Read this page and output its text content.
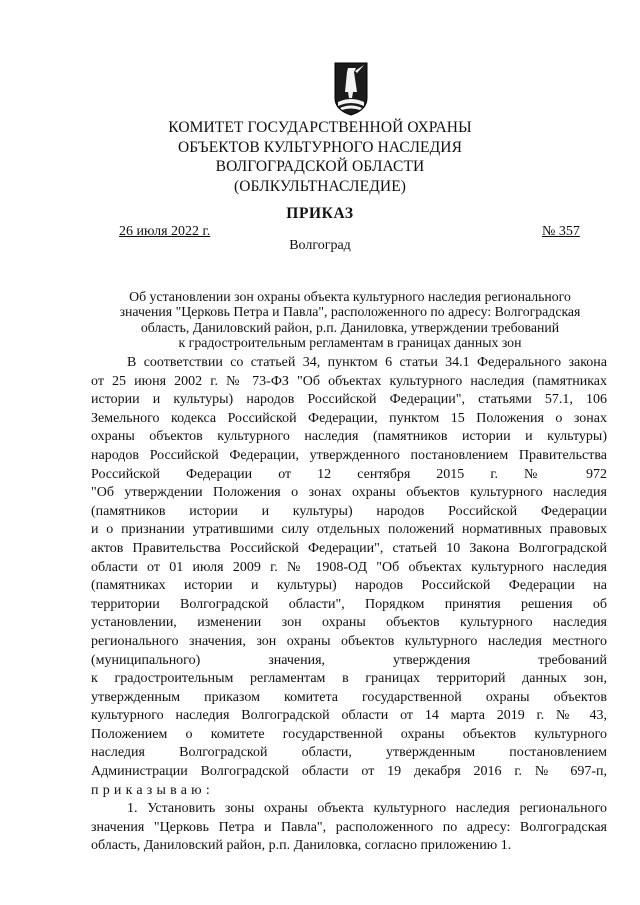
КОМИТЕТ ГОСУДАРСТВЕННОЙ ОХРАНЫ
ОБЪЕКТОВ КУЛЬТУРНОГО НАСЛЕДИЯ
ВОЛГОГРАДСКОЙ ОБЛАСТИ
(ОБЛКУЛЬТНАСЛЕДИЕ)
ПРИКАЗ
26 июля 2022 г.	№ 357
Волгоград
Об установлении зон охраны объекта культурного наследия регионального
значения "Церковь Петра и Павла", расположенного по адресу: Волгоградская
область, Даниловский район, р.п. Даниловка, утверждении требований
к градостроительным регламентам в границах данных зон
В соответствии со статьей 34, пунктом 6 статьи 34.1 Федерального закона
от 25 июня 2002 г. № 73-ФЗ "Об объектах культурного наследия (памятниках
истории и культуры) народов Российской Федерации", статьями 57.1, 106
Земельного кодекса Российской Федерации, пунктом 15 Положения о зонах
охраны объектов культурного наследия (памятников истории и культуры)
народов Российской Федерации, утвержденного постановлением Правительства
Российской Федерации от 12 сентября 2015 г. № 972
"Об утверждении Положения о зонах охраны объектов культурного наследия
(памятников истории и культуры) народов Российской Федерации
и о признании утратившими силу отдельных положений нормативных правовых
актов Правительства Российской Федерации", статьей 10 Закона Волгоградской
области от 01 июля 2009 г. № 1908-ОД "Об объектах культурного наследия
(памятниках истории и культуры) народов Российской Федерации на
территории Волгоградской области", Порядком принятия решения об
установлении, изменении зон охраны объектов культурного наследия
регионального значения, зон охраны объектов культурного наследия местного
(муниципального) значения, утверждения требований
к градостроительным регламентам в границах территорий данных зон,
утвержденным приказом комитета государственной охраны объектов
культурного наследия Волгоградской области от 14 марта 2019 г. № 43,
Положением о комитете государственной охраны объектов культурного
наследия Волгоградской области, утвержденным постановлением
Администрации Волгоградской области от 19 декабря 2016 г. № 697-п,
приказываю:
1. Установить зоны охраны объекта культурного наследия регионального
значения "Церковь Петра и Павла", расположенного по адресу: Волгоградская
область, Даниловский район, р.п. Даниловка, согласно приложению 1.
